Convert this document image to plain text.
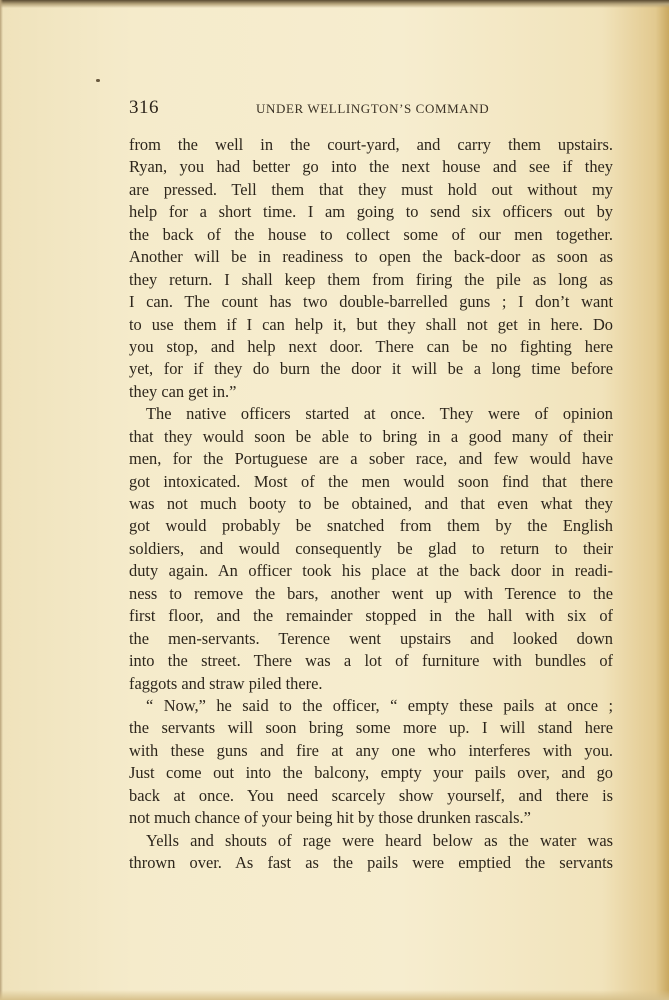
316	UNDER WELLINGTON’S COMMAND
from the well in the court-yard, and carry them upstairs.
Ryan, you had better go into the next house and see if they
are pressed. Tell them that they must hold out without my
help for a short time. I am going to send six officers out by
the back of the house to collect some of our men together.
Another will be in readiness to open the back-door as soon as
they return. I shall keep them from firing the pile as long as
I can. The count has two double-barrelled guns ; I don’t want
to use them if I can help it, but they shall not get in here. Do
you stop, and help next door. There can be no fighting here
yet, for if they do burn the door it will be a long time before
they can get in.”
The native officers started at once. They were of opinion
that they would soon be able to bring in a good many of their
men, for the Portuguese are a sober race, and few would have
got intoxicated. Most of the men would soon find that there
was not much booty to be obtained, and that even what they
got would probably be snatched from them by the English
soldiers, and would consequently be glad to return to their
duty again. An officer took his place at the back door in readi-
ness to remove the bars, another went up with Terence to the
first floor, and the remainder stopped in the hall with six of
the men-servants. Terence went upstairs and looked down
into the street. There was a lot of furniture with bundles of
faggots and straw piled there.
“ Now,” he said to the officer, “ empty these pails at once ;
the servants will soon bring some more up. I will stand here
with these guns and fire at any one who interferes with you.
Just come out into the balcony, empty your pails over, and go
back at once. You need scarcely show yourself, and there is
not much chance of your being hit by those drunken rascals.”
Yells and shouts of rage were heard below as the water was
thrown over. As fast as the pails were emptied the servants
